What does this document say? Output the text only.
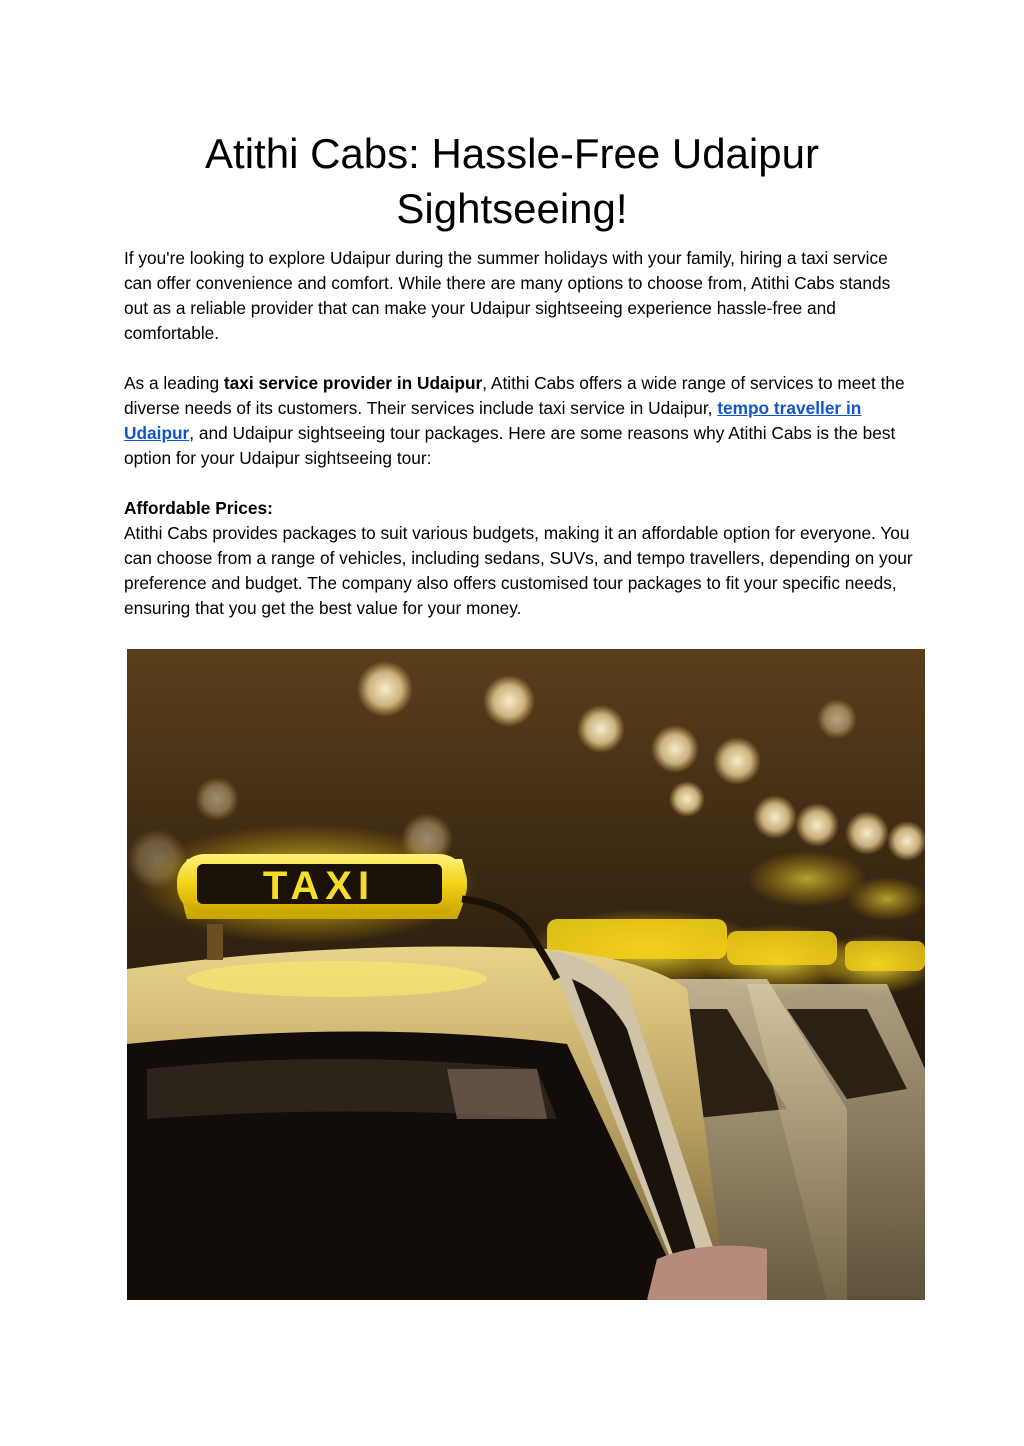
Atithi Cabs: Hassle-Free Udaipur Sightseeing!

If you're looking to explore Udaipur during the summer holidays with your family, hiring a taxi service can offer convenience and comfort. While there are many options to choose from, Atithi Cabs stands out as a reliable provider that can make your Udaipur sightseeing experience hassle-free and comfortable.

As a leading taxi service provider in Udaipur, Atithi Cabs offers a wide range of services to meet the diverse needs of its customers. Their services include taxi service in Udaipur, tempo traveller in Udaipur, and Udaipur sightseeing tour packages. Here are some reasons why Atithi Cabs is the best option for your Udaipur sightseeing tour:

Affordable Prices:
Atithi Cabs provides packages to suit various budgets, making it an affordable option for everyone. You can choose from a range of vehicles, including sedans, SUVs, and tempo travellers, depending on your preference and budget. The company also offers customised tour packages to fit your specific needs, ensuring that you get the best value for your money.

TAXI
